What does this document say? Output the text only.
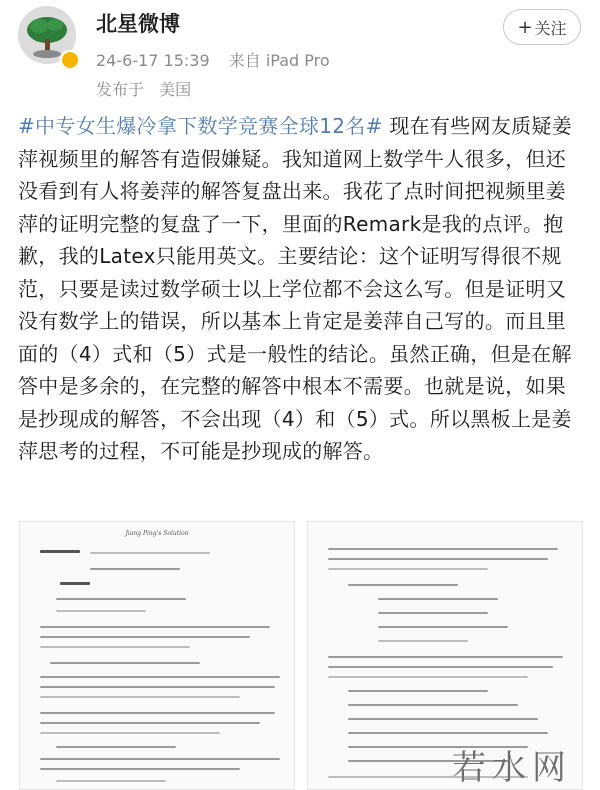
北星微博
24-6-17 15:39 来自 iPad Pro
发布于 美国
+ 关注
#中专女生爆冷拿下数学竞赛全球12名# 现在有些网友质疑姜萍视频里的解答有造假嫌疑。我知道网上数学牛人很多，但还没看到有人将姜萍的解答复盘出来。我花了点时间把视频里姜萍的证明完整的复盘了一下，里面的Remark是我的点评。抱歉，我的Latex只能用英文。主要结论：这个证明写得很不规范，只要是读过数学硕士以上学位都不会这么写。但是证明又没有数学上的错误，所以基本上肯定是姜萍自己写的。而且里面的（4）式和（5）式是一般性的结论。虽然正确，但是在解答中是多余的，在完整的解答中根本不需要。也就是说，如果是抄现成的解答，不会出现（4）和（5）式。所以黑板上是姜萍思考的过程，不可能是抄现成的解答。
Jiang Ping's Solution
若水网
